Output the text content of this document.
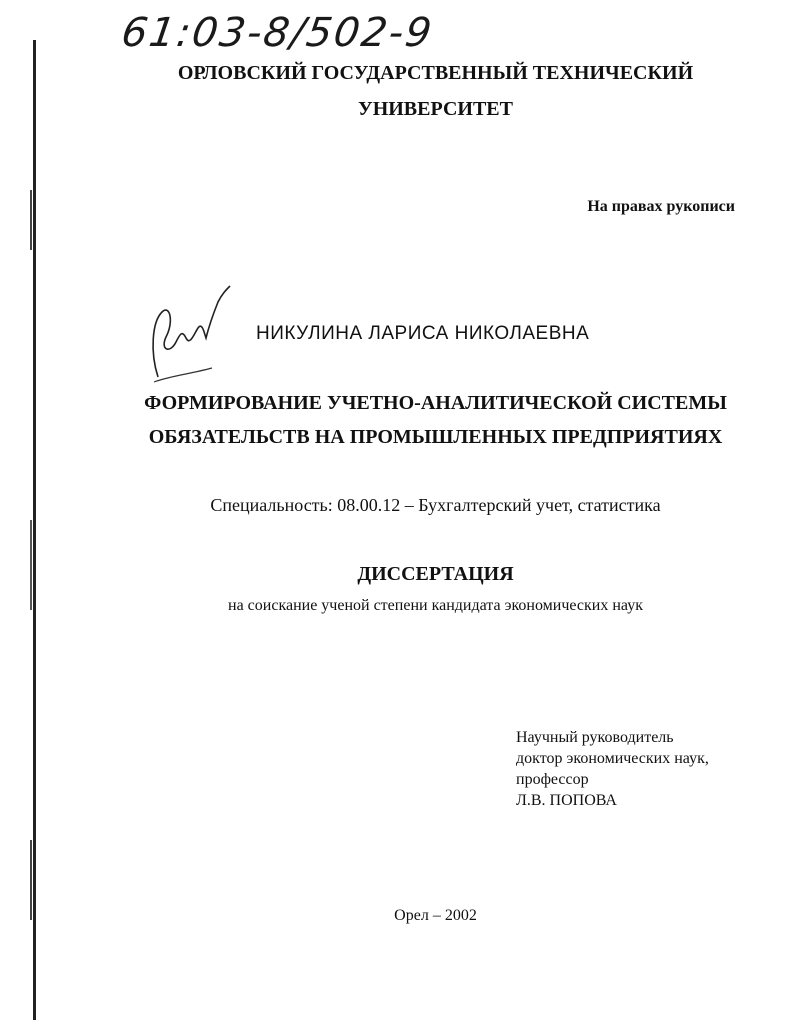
61:03-8/502-9
ОРЛОВСКИЙ ГОСУДАРСТВЕННЫЙ ТЕХНИЧЕСКИЙ
УНИВЕРСИТЕТ
На правах рукописи
НИКУЛИНА ЛАРИСА НИКОЛАЕВНА
ФОРМИРОВАНИЕ УЧЕТНО-АНАЛИТИЧЕСКОЙ СИСТЕМЫ
ОБЯЗАТЕЛЬСТВ НА ПРОМЫШЛЕННЫХ ПРЕДПРИЯТИЯХ
Специальность: 08.00.12 – Бухгалтерский учет, статистика
ДИССЕРТАЦИЯ
на соискание ученой степени кандидата экономических наук
Научный руководитель
доктор экономических наук,
профессор
Л.В. ПОПОВА
Орел – 2002
